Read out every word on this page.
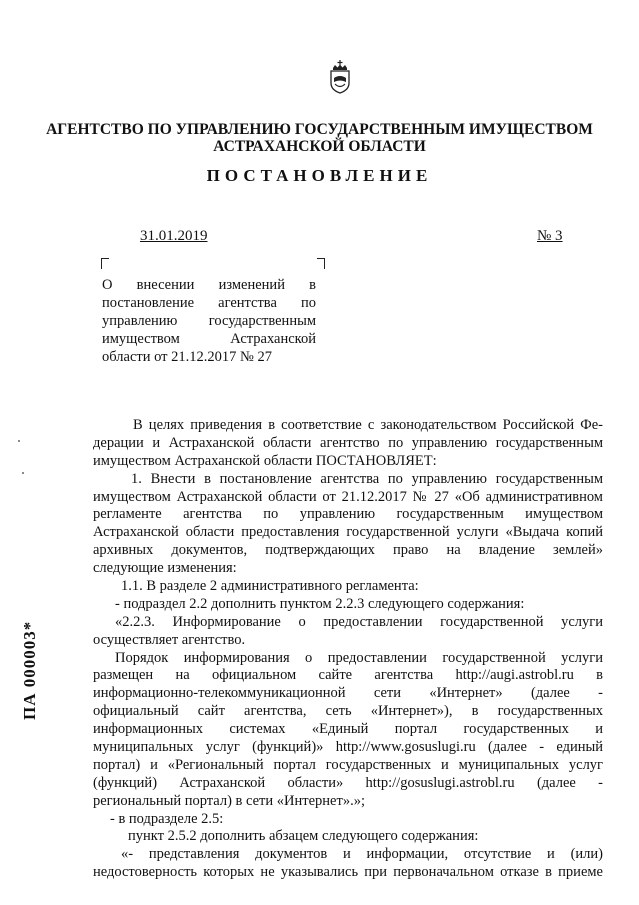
АГЕНТСТВО ПО УПРАВЛЕНИЮ ГОСУДАРСТВЕННЫМ ИМУЩЕСТВОМ
АСТРАХАНСКОЙ ОБЛАСТИ
ПОСТАНОВЛЕНИЕ
31.01.2019	№ 3
О внесении изменений в
постановление агентства по
управлению государственным
имуществом Астраханской
области от 21.12.2017 № 27
В целях приведения в соответствие с законодательством Российской Фе-
дерации и Астраханской области агентство по управлению государственным
имуществом Астраханской области ПОСТАНОВЛЯЕТ:
1. Внести в постановление агентства по управлению государственным
имуществом Астраханской области от 21.12.2017 № 27 «Об административном
регламенте агентства по управлению государственным имуществом
Астраханской области предоставления государственной услуги «Выдача копий
архивных документов, подтверждающих право на владение землей»
следующие изменения:
1.1. В разделе 2 административного регламента:
- подраздел 2.2 дополнить пунктом 2.2.3 следующего содержания:
«2.2.3. Информирование о предоставлении государственной услуги
осуществляет агентство.
Порядок информирования о предоставлении государственной услуги
размещен на официальном сайте агентства http://augi.astrobl.ru в
информационно-телекоммуникационной сети «Интернет» (далее -
официальный сайт агентства, сеть «Интернет»), в государственных
информационных системах «Единый портал государственных и
муниципальных услуг (функций)» http://www.gosuslugi.ru (далее - единый
портал) и «Региональный портал государственных и муниципальных услуг
(функций) Астраханской области» http://gosuslugi.astrobl.ru (далее -
региональный портал) в сети «Интернет».»;
- в подразделе 2.5:
пункт 2.5.2 дополнить абзацем следующего содержания:
«- представления документов и информации, отсутствие и (или)
недостоверность которых не указывались при первоначальном отказе в приеме
ПА 000003*
